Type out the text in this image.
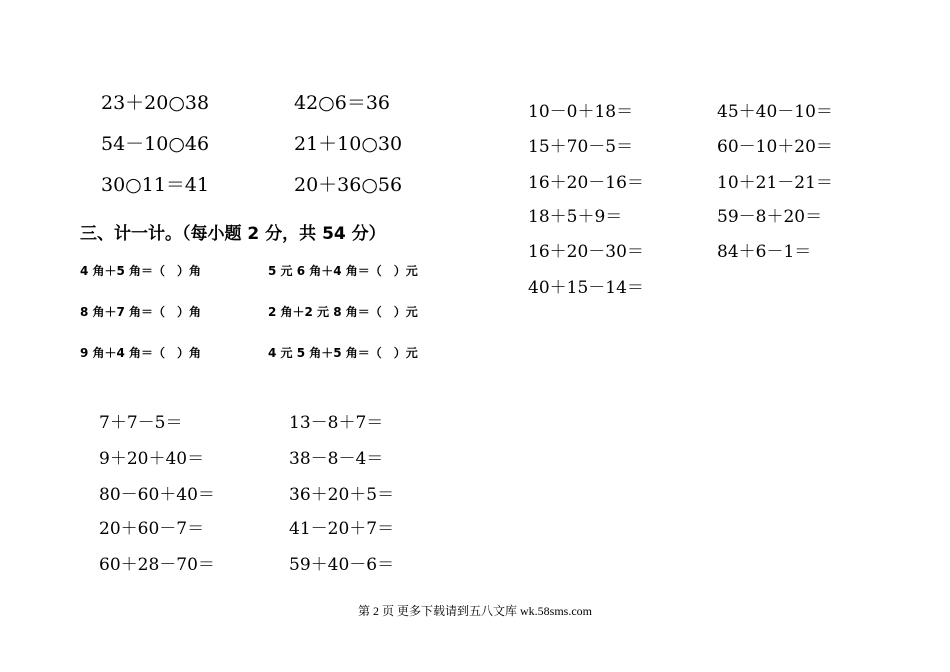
23＋20○38
54－10○46
30○11＝41
42○6＝36
21＋10○30
20＋36○56
三、计一计。（每小题 2 分，共 54 分）
4 角＋5 角＝（　）角
8 角＋7 角＝（　）角
9 角＋4 角＝（　）角
5 元 6 角＋4 角＝（　）元
2 角＋2 元 8 角＝（　）元
4 元 5 角＋5 角＝（　）元
7＋7－5＝
9＋20＋40＝
80－60＋40＝
20＋60－7＝
60＋28－70＝
13－8＋7＝
38－8－4＝
36＋20＋5＝
41－20＋7＝
59＋40－6＝
10－0＋18＝
15＋70－5＝
16＋20－16＝
18＋5＋9＝
16＋20－30＝
40＋15－14＝
45＋40－10＝
60－10＋20＝
10＋21－21＝
59－8＋20＝
84＋6－1＝
第 2 页 更多下载请到五八文库 wk.58sms.com
